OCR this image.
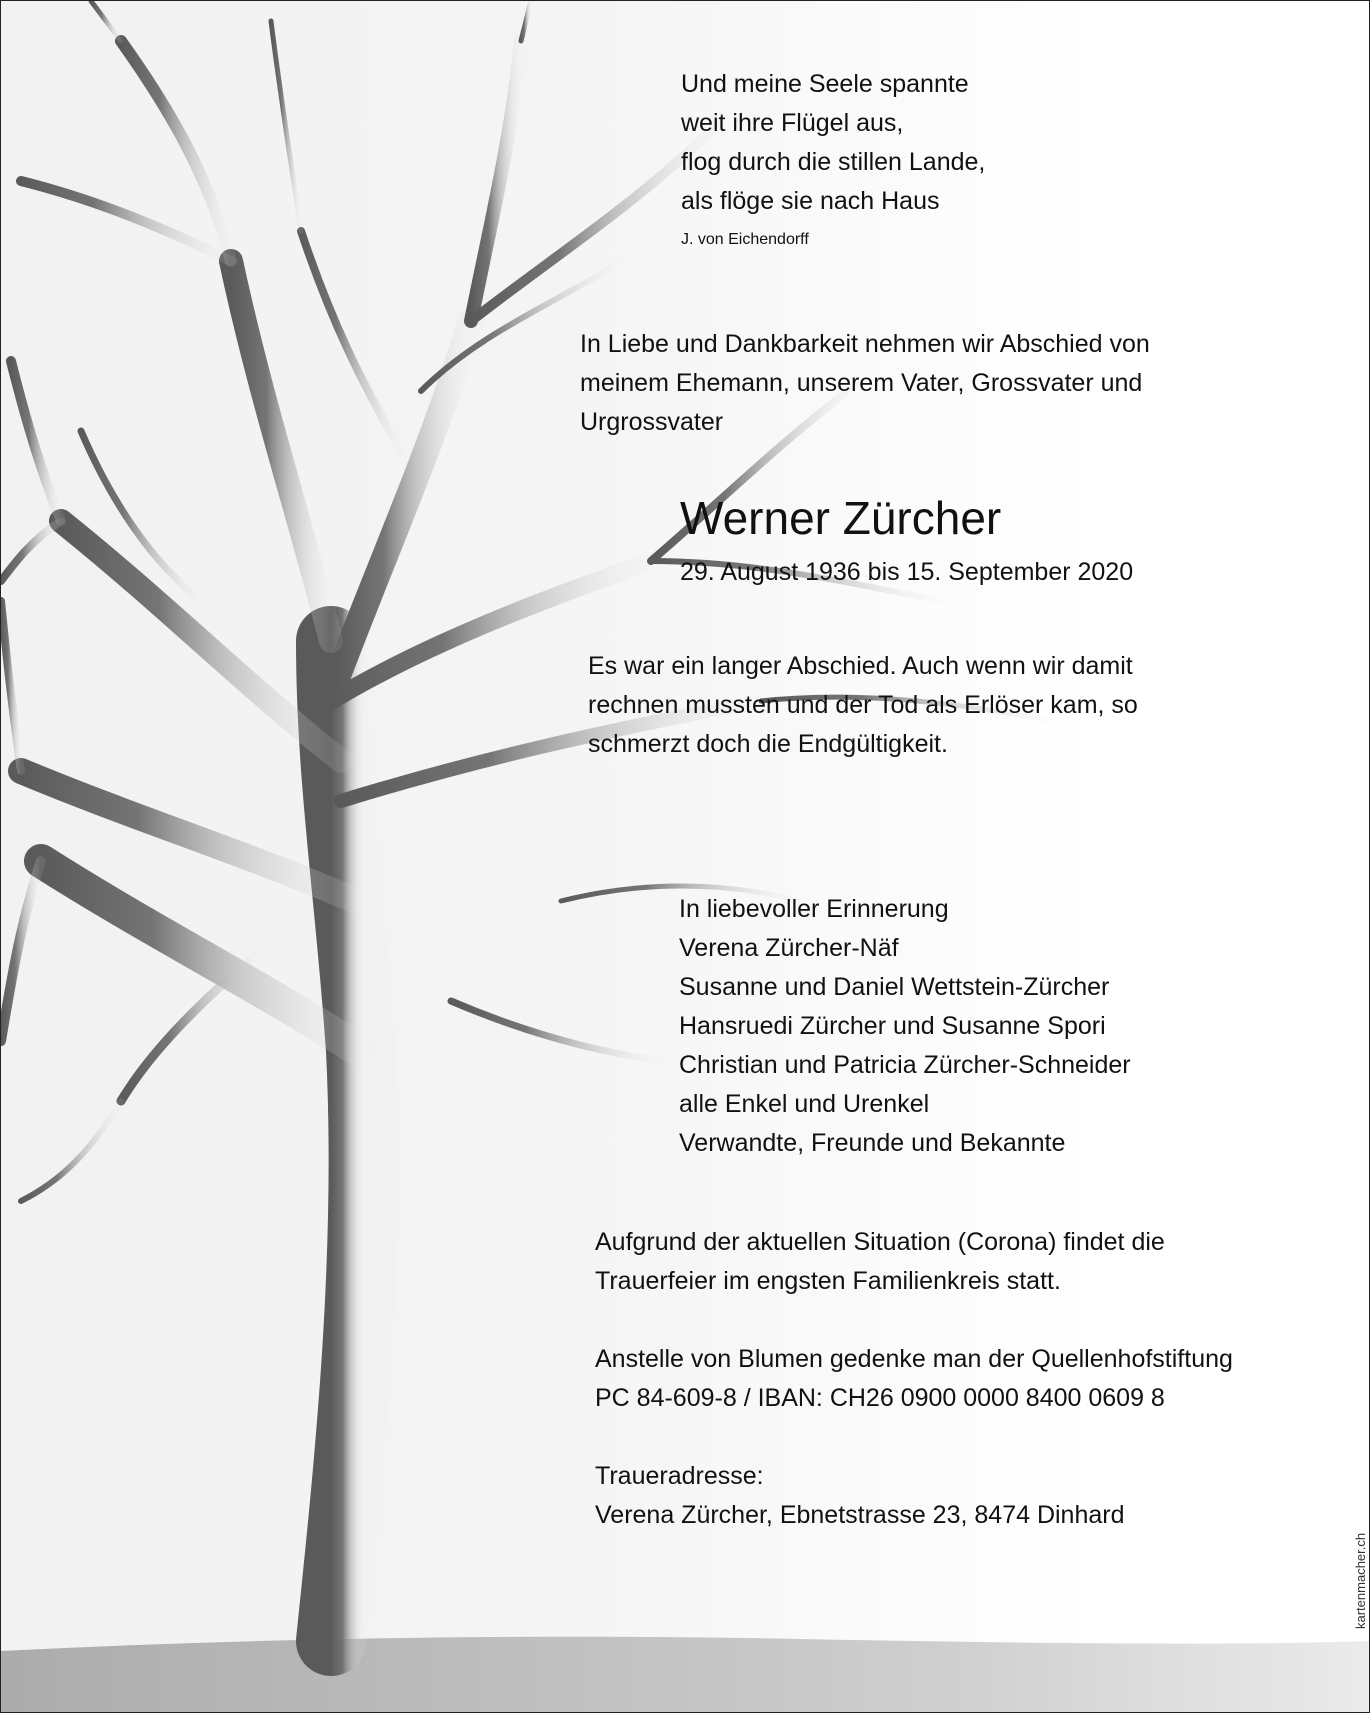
Und meine Seele spannte
weit ihre Flügel aus,
flog durch die stillen Lande,
als flöge sie nach Haus
J. von Eichendorff
In Liebe und Dankbarkeit nehmen wir Abschied von
meinem Ehemann, unserem Vater, Grossvater und
Urgrossvater
Werner Zürcher
29. August 1936 bis 15. September 2020
Es war ein langer Abschied. Auch wenn wir damit
rechnen mussten und der Tod als Erlöser kam, so
schmerzt doch die Endgültigkeit.
In liebevoller Erinnerung
Verena Zürcher-Näf
Susanne und Daniel Wettstein-Zürcher
Hansruedi Zürcher und Susanne Spori
Christian und Patricia Zürcher-Schneider
alle Enkel und Urenkel
Verwandte, Freunde und Bekannte
Aufgrund der aktuellen Situation (Corona) findet die
Trauerfeier im engsten Familienkreis statt.
Anstelle von Blumen gedenke man der Quellenhofstiftung
PC 84-609-8 / IBAN: CH26 0900 0000 8400 0609 8
Traueradresse:
Verena Zürcher, Ebnetstrasse 23, 8474 Dinhard
kartenmacher.ch
